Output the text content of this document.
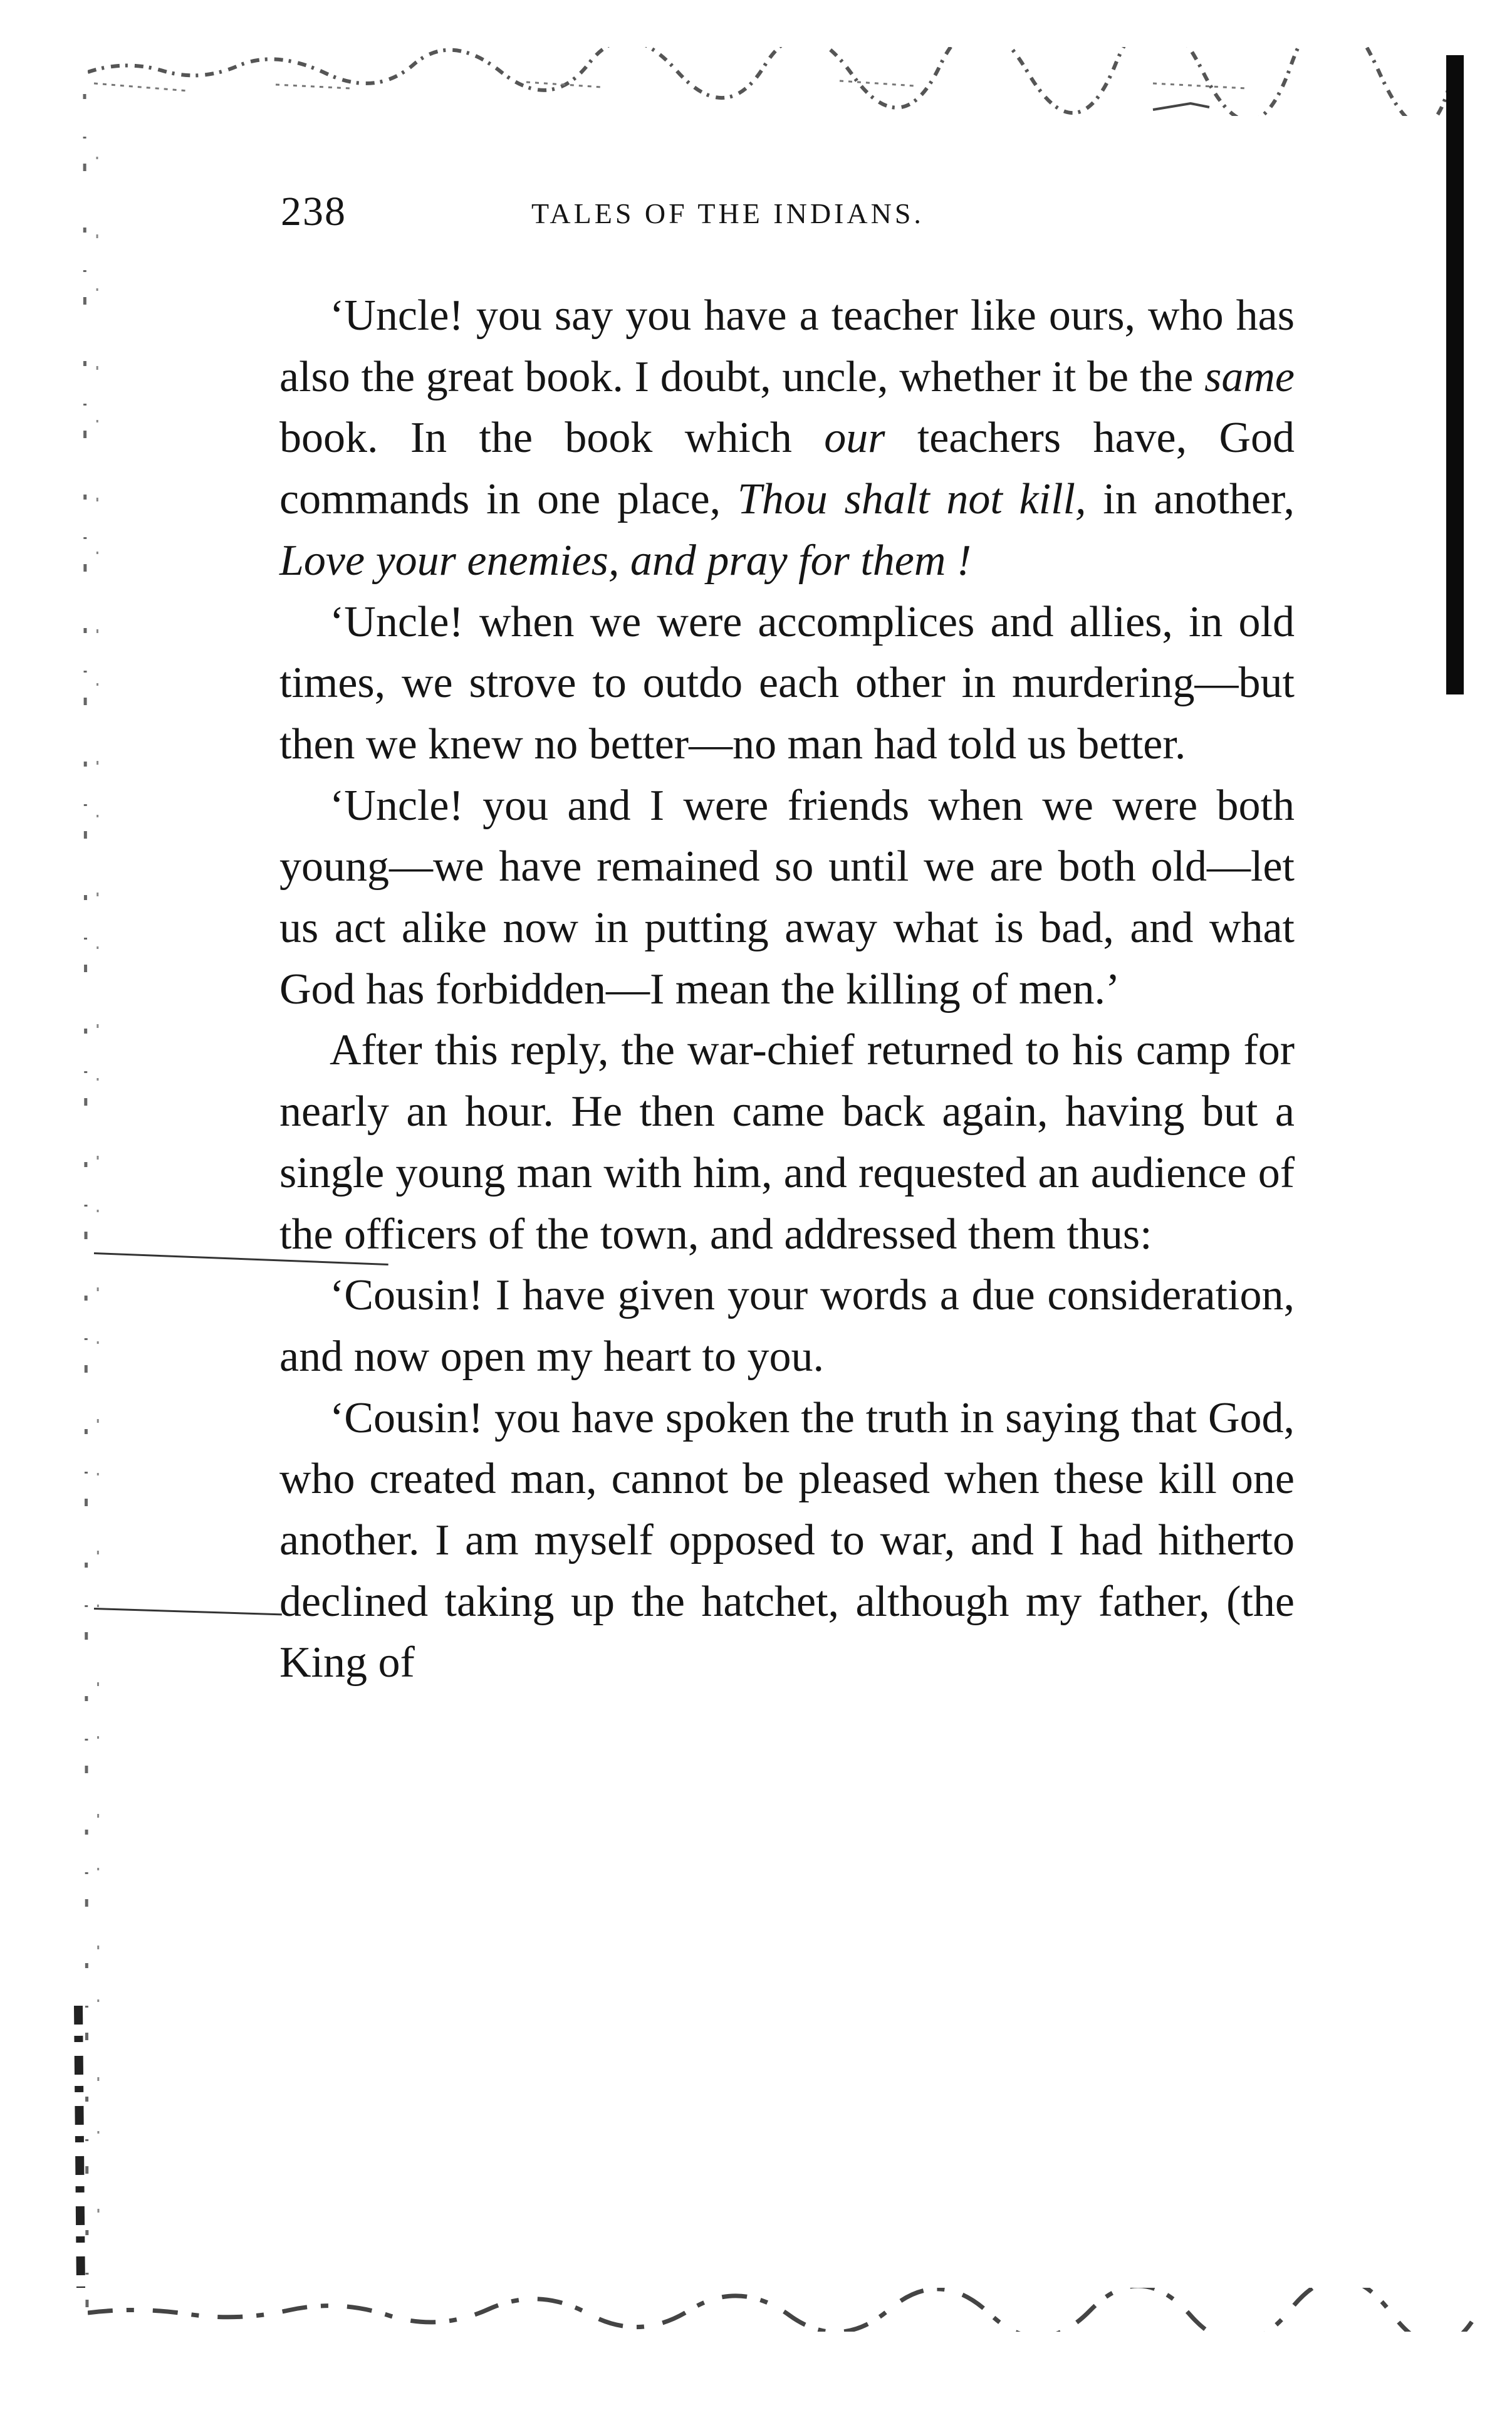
238	TALES OF THE INDIANS.

‘Uncle! you say you have a teacher like ours, who has also the great book. I doubt, uncle, whether it be the same book. In the book which our teachers have, God commands in one place, Thou shalt not kill, in another, Love your enemies, and pray for them !

‘Uncle! when we were accomplices and allies, in old times, we strove to outdo each other in murdering—but then we knew no better—no man had told us better.

‘Uncle! you and I were friends when we were both young—we have remained so until we are both old—let us act alike now in putting away what is bad, and what God has forbidden—I mean the killing of men.’

After this reply, the war-chief returned to his camp for nearly an hour. He then came back again, having but a single young man with him, and requested an audience of the officers of the town, and addressed them thus:

‘Cousin! I have given your words a due consideration, and now open my heart to you.

‘Cousin! you have spoken the truth in saying that God, who created man, cannot be pleased when these kill one another. I am myself opposed to war, and I had hitherto declined taking up the hatchet, although my father, (the King of
